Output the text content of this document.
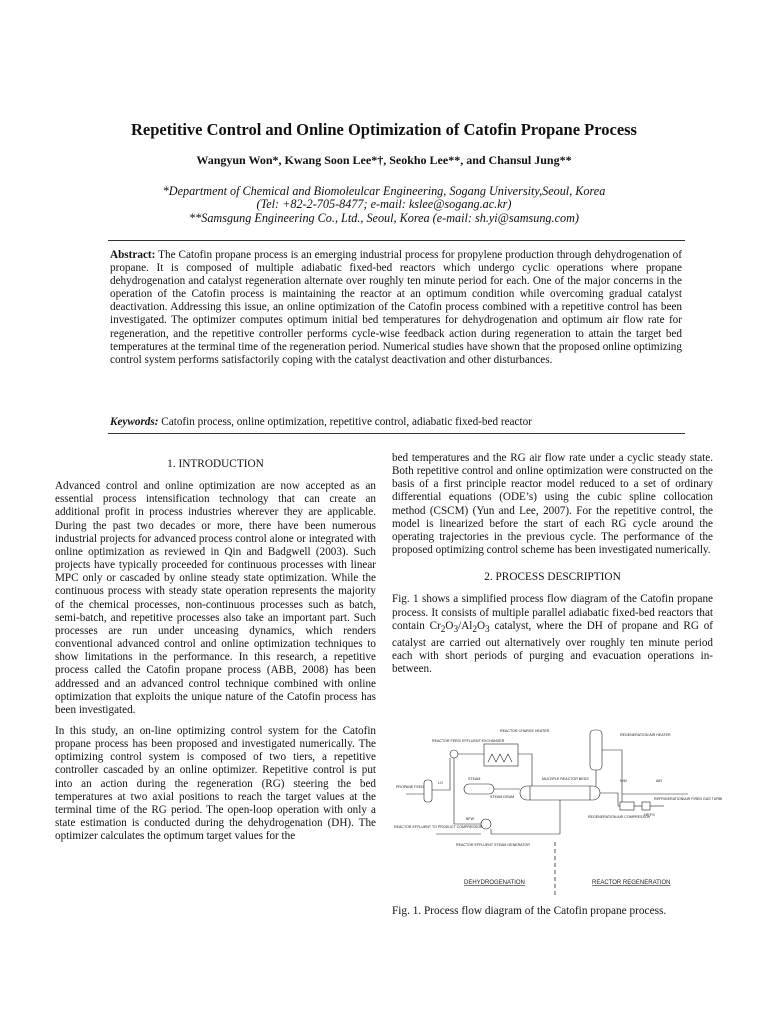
Repetitive Control and Online Optimization of Catofin Propane Process
Wangyun Won*, Kwang Soon Lee*†, Seokho Lee**, and Chansul Jung**
*Department of Chemical and Biomoleulcar Engineering, Sogang University,Seoul, Korea
(Tel: +82-2-705-8477; e-mail: kslee@sogang.ac.kr)
**Samsgung Engineering Co., Ltd., Seoul, Korea (e-mail: sh.yi@samsung.com)
Abstract: The Catofin propane process is an emerging industrial process for propylene production through dehydrogenation of propane. It is composed of multiple adiabatic fixed-bed reactors which undergo cyclic operations where propane dehydrogenation and catalyst regeneration alternate over roughly ten minute period for each. One of the major concerns in the operation of the Catofin process is maintaining the reactor at an optimum condition while overcoming gradual catalyst deactivation. Addressing this issue, an online optimization of the Catofin process combined with a repetitive control has been investigated. The optimizer computes optimum initial bed temperatures for dehydrogenation and optimum air flow rate for regeneration, and the repetitive controller performs cycle-wise feedback action during regeneration to attain the target bed temperatures at the terminal time of the regeneration period. Numerical studies have shown that the proposed online optimizing control system performs satisfactorily coping with the catalyst deactivation and other disturbances.
Keywords: Catofin process, online optimization, repetitive control, adiabatic fixed-bed reactor

1. INTRODUCTION

Advanced control and online optimization are now accepted as an essential process intensification technology that can create an additional profit in process industries wherever they are applicable. During the past two decades or more, there have been numerous industrial projects for advanced process control alone or integrated with online optimization as reviewed in Qin and Badgwell (2003). Such projects have typically proceeded for continuous processes with linear MPC only or cascaded by online steady state optimization. While the continuous process with steady state operation represents the majority of the chemical processes, non-continuous processes such as batch, semi-batch, and repetitive processes also take an important part. Such processes are run under unceasing dynamics, which renders conventional advanced control and online optimization techniques to show limitations in the performance. In this research, a repetitive process called the Catofin propane process (ABB, 2008) has been addressed and an advanced control technique combined with online optimization that exploits the unique nature of the Catofin process has been investigated.

In this study, an on-line optimizing control system for the Catofin propane process has been proposed and investigated numerically. The optimizing control system is composed of two tiers, a repetitive controller cascaded by an online optimizer. Repetitive control is put into an action during the regeneration (RG) steering the bed temperatures at two axial positions to reach the target values at the terminal time of the RG period. The open-loop operation with only a state estimation is conducted during the dehydrogenation (DH). The optimizer calculates the optimum target values for the

bed temperatures and the RG air flow rate under a cyclic steady state. Both repetitive control and online optimization were constructed on the basis of a first principle reactor model reduced to a set of ordinary differential equations (ODE’s) using the cubic spline collocation method (CSCM) (Yun and Lee, 2007). For the repetitive control, the model is linearized before the start of each RG cycle around the operating trajectories in the previous cycle. The performance of the proposed optimizing control scheme has been investigated numerically.

2. PROCESS DESCRIPTION

Fig. 1 shows a simplified process flow diagram of the Catofin propane process. It consists of multiple parallel adiabatic fixed-bed reactors that contain $Cr_2O_3/Al_2O_3$ catalyst, where the DH of propane and RG of catalyst are carried out alternatively over roughly ten minute period each with short periods of purging and evacuation operations in-between.

REACTOR CHARGE HEATER
REACTOR FEED/ EFFLUENT EXCHANGER
REGENERATION AIR HEATER
PROPANE FEED
LO
STEAM
STEAM DRUM
MULTIPLE REACTOR BEDS	N/M	AIR
BFW	REGENERATION AIR COMPRESSOR
REFRIGERATION/AIR FIRED GAS TURBINE
HP FG
REACTOR EFFLUENT TO PRODUCT COMPRESSOR
REACTOR EFFLUENT STEAM GENERATOR
DEHYDROGENATION	REACTOR REGENERATION
Fig. 1. Process flow diagram of the Catofin propane process.
